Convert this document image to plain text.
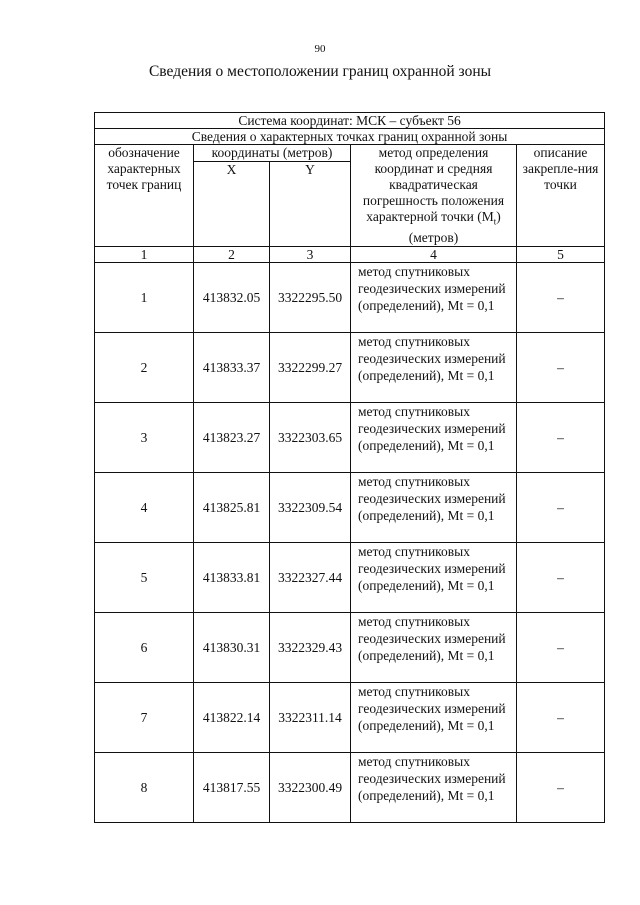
90
Сведения о местоположении границ охранной зоны
Система координат: МСК – субъект 56				
Сведения о характерных точках границ охранной зоны				
обозначение характерных точек границ	координаты (метров)		метод определения координат и средняя квадратическая погрешность положения характерной точки $(M_t)$ (метров)	описание закрепле-ния точки
	X	Y		
1	2	3	4	5
1	413832.05	3322295.50	метод спутниковых геодезических измерений (определений), Mt = 0,1	–
2	413833.37	3322299.27	метод спутниковых геодезических измерений (определений), Mt = 0,1	–
3	413823.27	3322303.65	метод спутниковых геодезических измерений (определений), Mt = 0,1	–
4	413825.81	3322309.54	метод спутниковых геодезических измерений (определений), Mt = 0,1	–
5	413833.81	3322327.44	метод спутниковых геодезических измерений (определений), Mt = 0,1	–
6	413830.31	3322329.43	метод спутниковых геодезических измерений (определений), Mt = 0,1	–
7	413822.14	3322311.14	метод спутниковых геодезических измерений (определений), Mt = 0,1	–
8	413817.55	3322300.49	метод спутниковых геодезических измерений (определений), Mt = 0,1	–
